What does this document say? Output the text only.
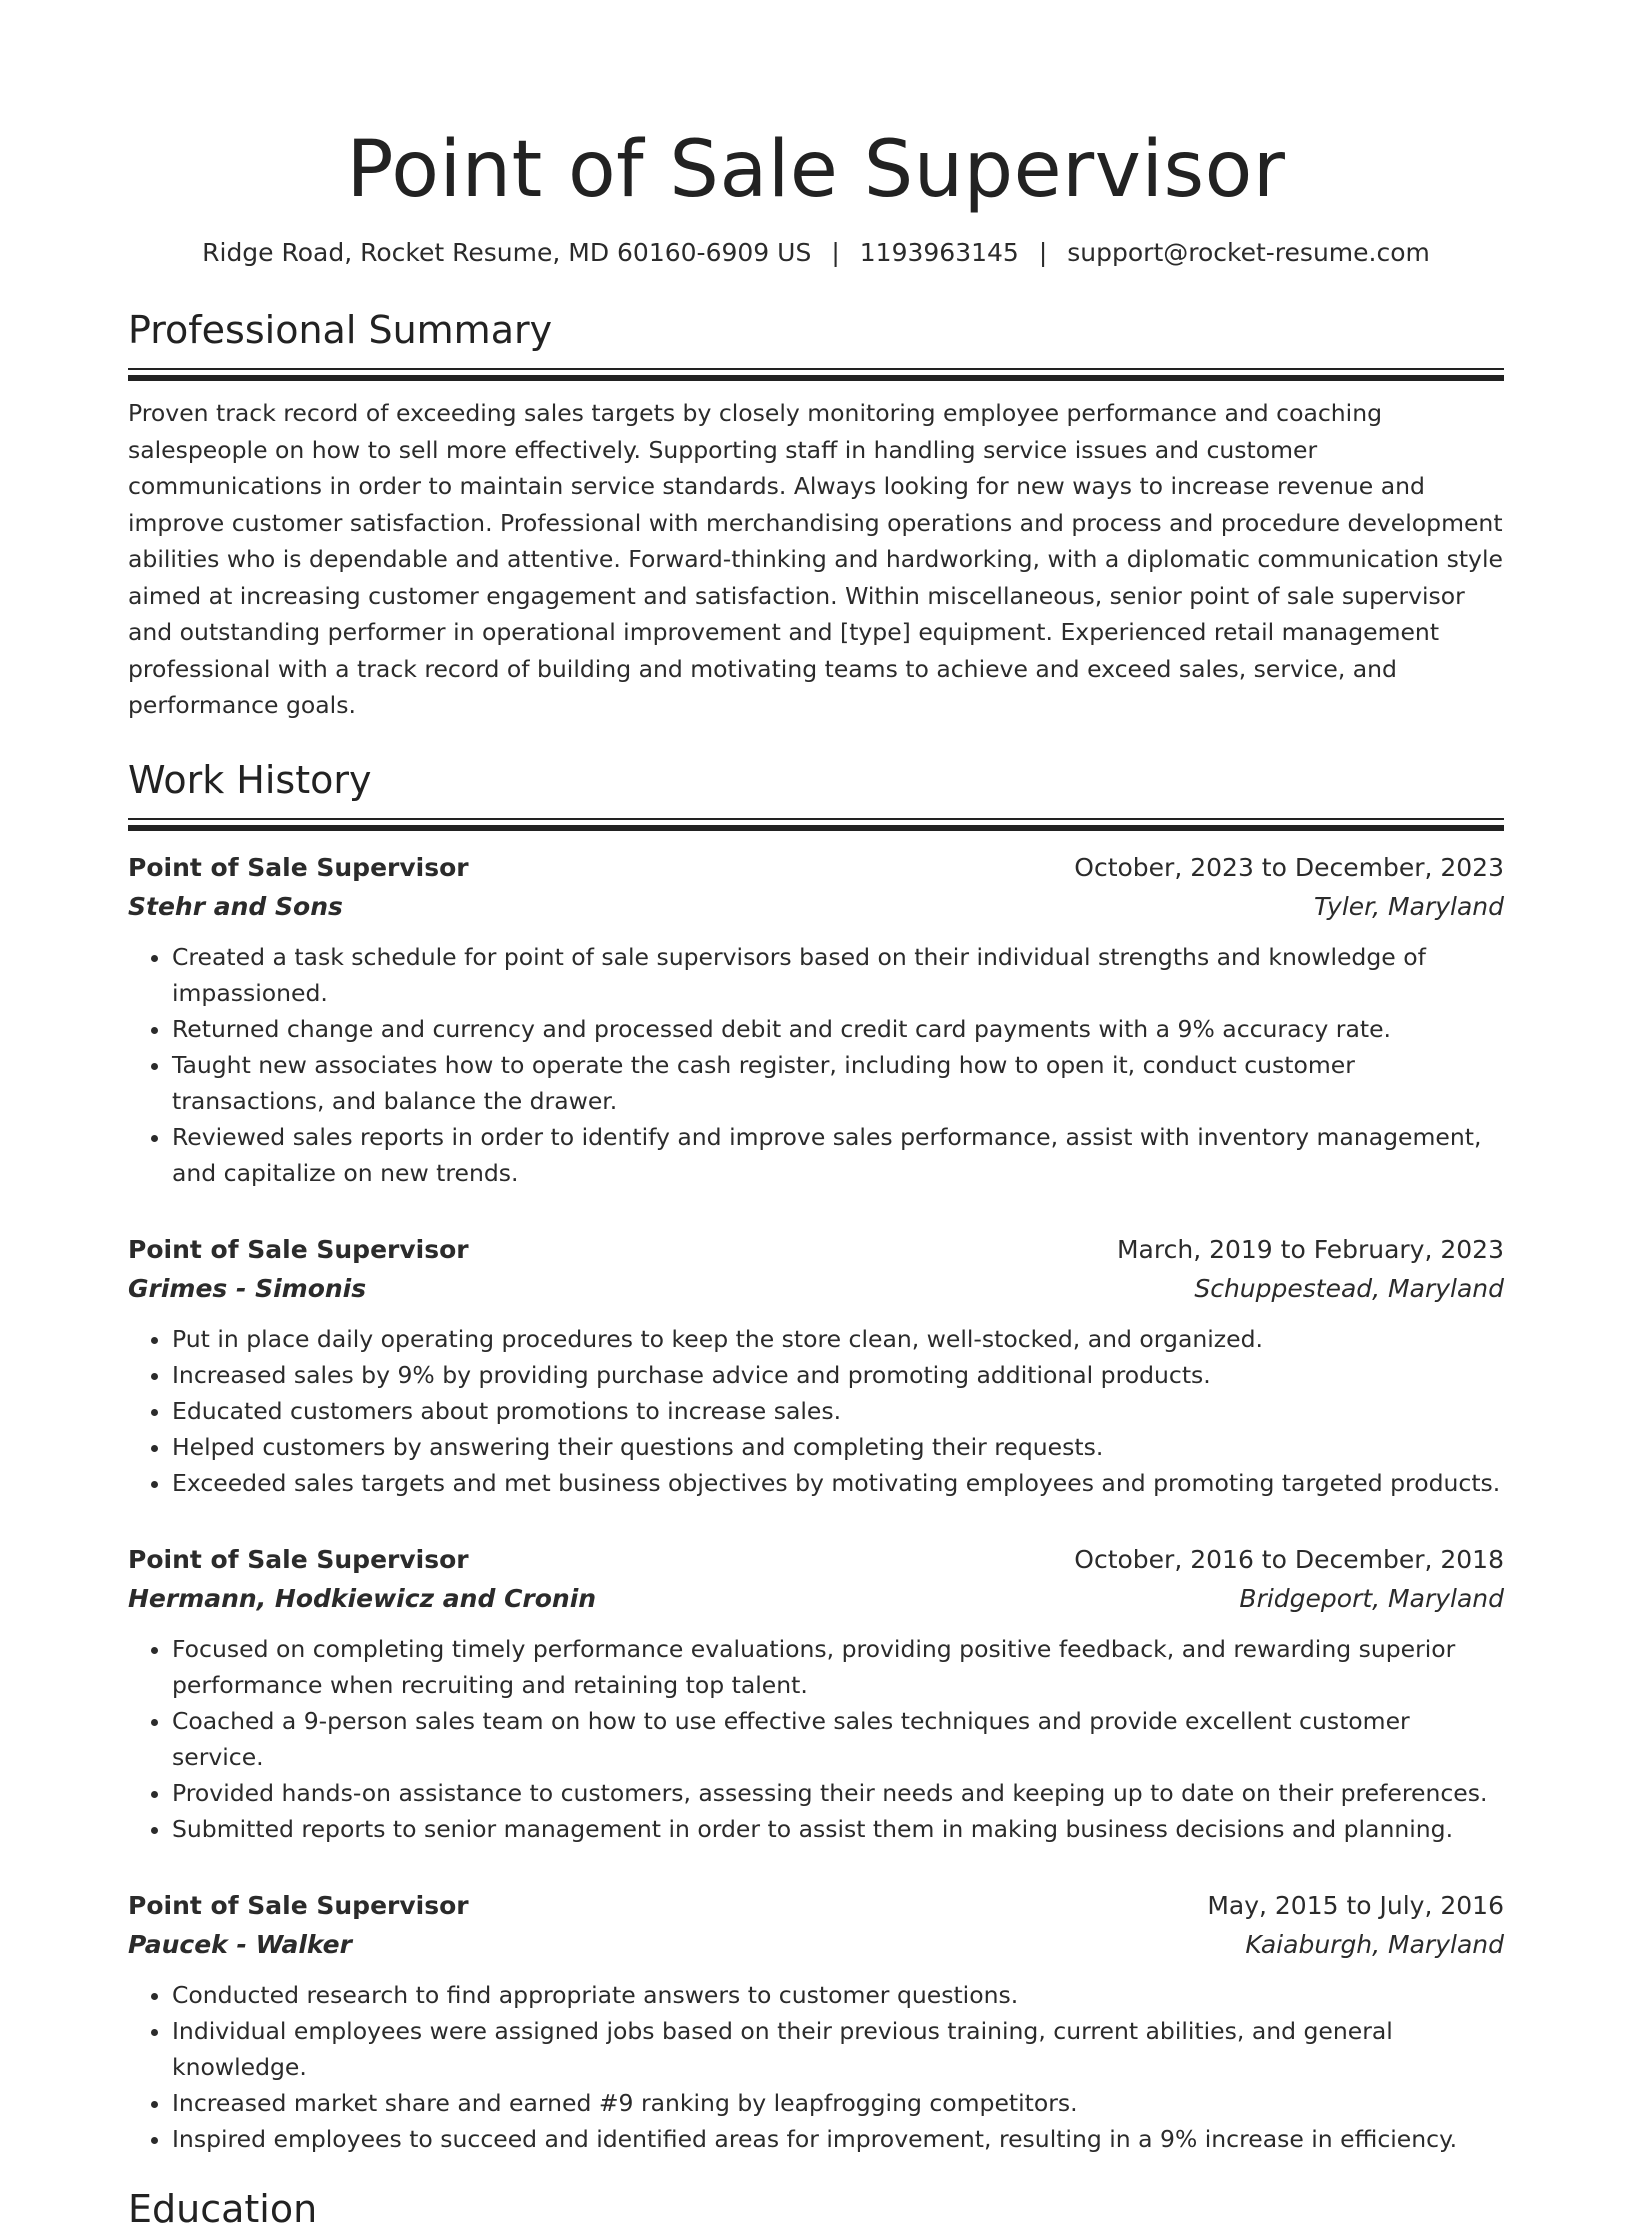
Point of Sale Supervisor
Ridge Road, Rocket Resume, MD 60160-6909 US | 1193963145 | support@rocket-resume.com
Professional Summary

Proven track record of exceeding sales targets by closely monitoring employee performance and coaching salespeople on how to sell more effectively. Supporting staff in handling service issues and customer communications in order to maintain service standards. Always looking for new ways to increase revenue and improve customer satisfaction. Professional with merchandising operations and process and procedure development abilities who is dependable and attentive. Forward-thinking and hardworking, with a diplomatic communication style aimed at increasing customer engagement and satisfaction. Within miscellaneous, senior point of sale supervisor and outstanding performer in operational improvement and [type] equipment. Experienced retail management professional with a track record of building and motivating teams to achieve and exceed sales, service, and performance goals.

Work History
Point of Sale Supervisor	October, 2023 to December, 2023
Stehr and Sons	Tyler, Maryland
• Created a task schedule for point of sale supervisors based on their individual strengths and knowledge of impassioned.
• Returned change and currency and processed debit and credit card payments with a 9% accuracy rate.
• Taught new associates how to operate the cash register, including how to open it, conduct customer transactions, and balance the drawer.
• Reviewed sales reports in order to identify and improve sales performance, assist with inventory management, and capitalize on new trends.
Point of Sale Supervisor	March, 2019 to February, 2023
Grimes - Simonis	Schuppestead, Maryland
• Put in place daily operating procedures to keep the store clean, well-stocked, and organized.
• Increased sales by 9% by providing purchase advice and promoting additional products.
• Educated customers about promotions to increase sales.
• Helped customers by answering their questions and completing their requests.
• Exceeded sales targets and met business objectives by motivating employees and promoting targeted products.
Point of Sale Supervisor	October, 2016 to December, 2018
Hermann, Hodkiewicz and Cronin	Bridgeport, Maryland
• Focused on completing timely performance evaluations, providing positive feedback, and rewarding superior performance when recruiting and retaining top talent.
• Coached a 9-person sales team on how to use effective sales techniques and provide excellent customer service.
• Provided hands-on assistance to customers, assessing their needs and keeping up to date on their preferences.
• Submitted reports to senior management in order to assist them in making business decisions and planning.
Point of Sale Supervisor	May, 2015 to July, 2016
Paucek - Walker	Kaiaburgh, Maryland
• Conducted research to find appropriate answers to customer questions.
• Individual employees were assigned jobs based on their previous training, current abilities, and general knowledge.
• Increased market share and earned #9 ranking by leapfrogging competitors.
• Inspired employees to succeed and identified areas for improvement, resulting in a 9% increase in efficiency.
Education
